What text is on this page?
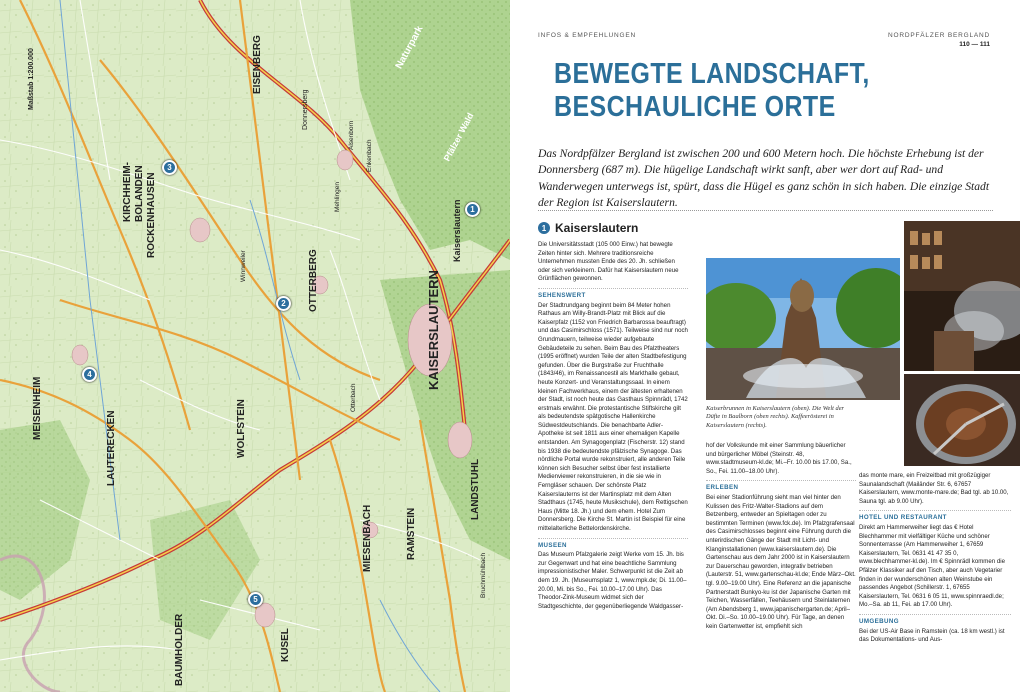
Maßstab 1:200.000	EISENBERG
KIRCHHEIM-BOLANDEN ROCKENHAUSEN
OTTERBERG	KAISERSLAUTERN
MEISENHEIM
LAUTERECKEN	WOLFSTEIN
MIESENBACH	RAMSTEIN
KUSEL
BAUMHOLDER
LANDSTUHL
Pfälzer Wald
Naturpark
Donnersberg
Alsenborn
Enkenbach
Winnweiler
Mehlingen
Otterbach
Kaiserslautern
Bruchmühlbach
1
2
3
4
5
INFOS & EMPFEHLUNGEN	NORDPFÄLZER BERGLAND
110 — 111
BEWEGTE LANDSCHAFT,
BESCHAULICHE ORTE

Das Nordpfälzer Bergland ist zwischen 200 und 600 Metern hoch. Die höchste Erhebung ist der Donnersberg (687 m). Die hügelige Landschaft wirkt sanft, aber wer dort auf Rad- und Wanderwegen unterwegs ist, spürt, dass die Hügel es ganz schön in sich haben. Die einzige Stadt der Region ist Kaiserslautern.

1 Kaiserslautern

Die Universitätsstadt (105 000 Einw.) hat bewegte Zeiten hinter sich. Mehrere traditionsreiche Unternehmen mussten Ende des 20. Jh. schließen oder sich verkleinern. Dafür hat Kaiserslautern neue Grünflächen gewonnen.

SEHENSWERT

Der Stadtrundgang beginnt beim 84 Meter hohen Rathaus am Willy-Brandt-Platz mit Blick auf die Kaiserpfalz (1152 von Friedrich Barbarossa beauftragt) und das Casimirschloss (1571). Teilweise sind nur noch Grundmauern, teilweise wieder aufgebaute Gebäudeteile zu sehen. Beim Bau des Pfalztheaters (1995 eröffnet) wurden Teile der alten Stadtbefestigung gefunden. Über die Burgstraße zur Fruchthalle (1843/46), im Renaissancestil als Markthalle gebaut, heute Konzert- und Veranstaltungssaal. In einem kleinen Fachwerkhaus, einem der ältesten erhaltenen der Stadt, ist noch heute das Gasthaus Spinnrädl, 1742 erstmals erwähnt. Die protestantische Stiftskirche gilt als bedeutendste spätgotische Hallenkirche Südwestdeutschlands. Die benachbarte Adler-Apotheke ist seit 1811 aus einer ehemaligen Kapelle entstanden. Am Synagogenplatz (Fischerstr. 12) stand bis 1938 die bedeutendste pfälzische Synagoge. Das nördliche Portal wurde rekonstruiert, alle anderen Teile können sich Besucher selbst über fest installierte Medienviewer rekonstruieren, in die sie wie in Ferngläser schauen. Der schönste Platz Kaiserslauterns ist der Martinsplatz mit dem Alten Stadthaus (1745, heute Musikschule), dem Rettigschen Haus (Mitte 18. Jh.) und dem ehem. Hotel Zum Donnersberg. Die Kirche St. Martin ist Beispiel für eine mittelalterliche Bettelordenskirche.

MUSEEN

Das Museum Pfalzgalerie zeigt Werke vom 15. Jh. bis zur Gegenwart und hat eine beachtliche Sammlung impressionistischer Maler. Schwerpunkt ist die Zeit ab dem 19. Jh. (Museumsplatz 1, www.mpk.de; Di. 11.00–20.00, Mi. bis So., Fei. 10.00–17.00 Uhr). Das Theodor-Zink-Museum widmet sich der Stadtgeschichte, der gegenüberliegende Waldgasser-

Kaiserbrunnen in Kaiserslautern (oben). Die Welt der Düfte in Baalborn (oben rechts). Kaffeerösterei in Kaiserslautern (rechts).

hof der Volkskunde mit einer Sammlung bäuerlicher und bürgerlicher Möbel (Steinstr. 48, www.stadtmuseum-kl.de; Mi.–Fr. 10.00 bis 17.00, Sa., So., Fei. 11.00–18.00 Uhr).

ERLEBEN

Bei einer Stadionführung sieht man viel hinter den Kulissen des Fritz-Walter-Stadions auf dem Betzenberg, entweder an Spieltagen oder zu bestimmten Terminen (www.fck.de). Im Pfalzgrafensaal des Casimirschlosses beginnt eine Führung durch die unterirdischen Gänge der Stadt mit Licht- und Klanginstallationen (www.kaiserslautern.de). Die Gartenschau aus dem Jahr 2000 ist in Kaiserslautern zur Dauerschau geworden, integrativ betrieben (Lauterstr. 51, www.gartenschau-kl.de; Ende März–Okt. tgl. 9.00–19.00 Uhr). Eine Referenz an die japanische Partnerstadt Bunkyo-ku ist der Japanische Garten mit Teichen, Wasserfällen, Teehäusern und Steinlaternen (Am Abendsberg 1, www.japanischergarten.de; April–Okt. Di.–So. 10.00–19.00 Uhr). Für Tage, an denen kein Gartenwetter ist, empfiehlt sich

das monte mare, ein Freizeitbad mit großzügiger Saunalandschaft (Mailänder Str. 6, 67657 Kaiserslautern, www.monte-mare.de; Bad tgl. ab 10.00, Sauna tgl. ab 9.00 Uhr).

HOTEL UND RESTAURANT

Direkt am Hammerweiher liegt das € Hotel Blechhammer mit vielfältiger Küche und schöner Sonnenterrasse (Am Hammerweiher 1, 67659 Kaiserslautern, Tel. 0631 41 47 35 0, www.blechhammer-kl.de). Im € Spinnrädl kommen die Pfälzer Klassiker auf den Tisch, aber auch Vegetarier finden in der wunderschönen alten Weinstube ein passendes Angebot (Schillerstr. 1, 67655 Kaiserslautern, Tel. 0631 6 05 11, www.spinnraedl.de; Mo.–Sa. ab 11, Fei. ab 17.00 Uhr).

UMGEBUNG

Bei der US-Air Base in Ramstein (ca. 18 km westl.) ist das Dokumentations- und Aus-
